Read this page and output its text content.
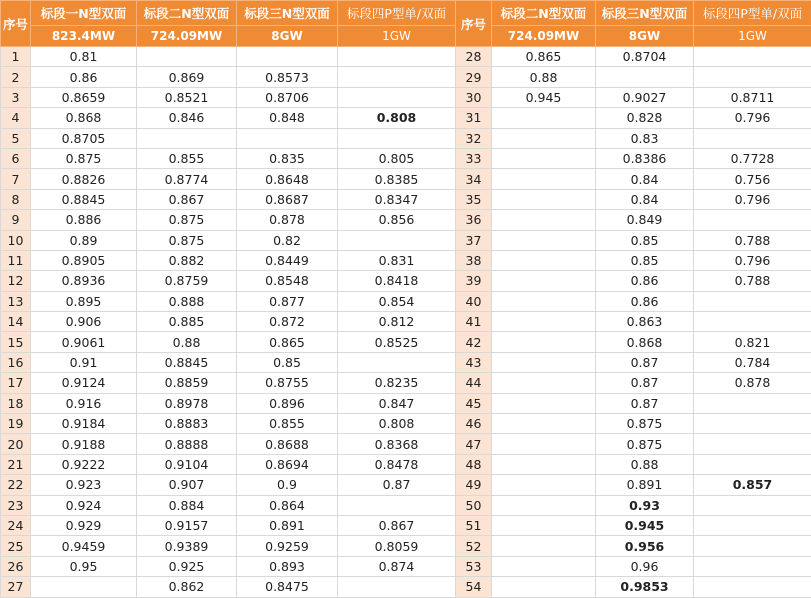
序号	标段一N型双面	标段二N型双面	标段三N型双面	标段四P型单/双面	序号	标段二N型双面	标段三N型双面	标段四P型单/双面
	823.4MW	724.09MW	8GW	1GW		724.09MW	8GW	1GW
1	0.81				28	0.865	0.8704	
2	0.86	0.869	0.8573		29	0.88		
3	0.8659	0.8521	0.8706		30	0.945	0.9027	0.8711
4	0.868	0.846	0.848	0.808	31		0.828	0.796
5	0.8705				32		0.83	
6	0.875	0.855	0.835	0.805	33		0.8386	0.7728
7	0.8826	0.8774	0.8648	0.8385	34		0.84	0.756
8	0.8845	0.867	0.8687	0.8347	35		0.84	0.796
9	0.886	0.875	0.878	0.856	36		0.849	
10	0.89	0.875	0.82		37		0.85	0.788
11	0.8905	0.882	0.8449	0.831	38		0.85	0.796
12	0.8936	0.8759	0.8548	0.8418	39		0.86	0.788
13	0.895	0.888	0.877	0.854	40		0.86	
14	0.906	0.885	0.872	0.812	41		0.863	
15	0.9061	0.88	0.865	0.8525	42		0.868	0.821
16	0.91	0.8845	0.85		43		0.87	0.784
17	0.9124	0.8859	0.8755	0.8235	44		0.87	0.878
18	0.916	0.8978	0.896	0.847	45		0.87	
19	0.9184	0.8883	0.855	0.808	46		0.875	
20	0.9188	0.8888	0.8688	0.8368	47		0.875	
21	0.9222	0.9104	0.8694	0.8478	48		0.88	
22	0.923	0.907	0.9	0.87	49		0.891	0.857
23	0.924	0.884	0.864		50		0.93	
24	0.929	0.9157	0.891	0.867	51		0.945	
25	0.9459	0.9389	0.9259	0.8059	52		0.956	
26	0.95	0.925	0.893	0.874	53		0.96	
27		0.862	0.8475		54		0.9853	
